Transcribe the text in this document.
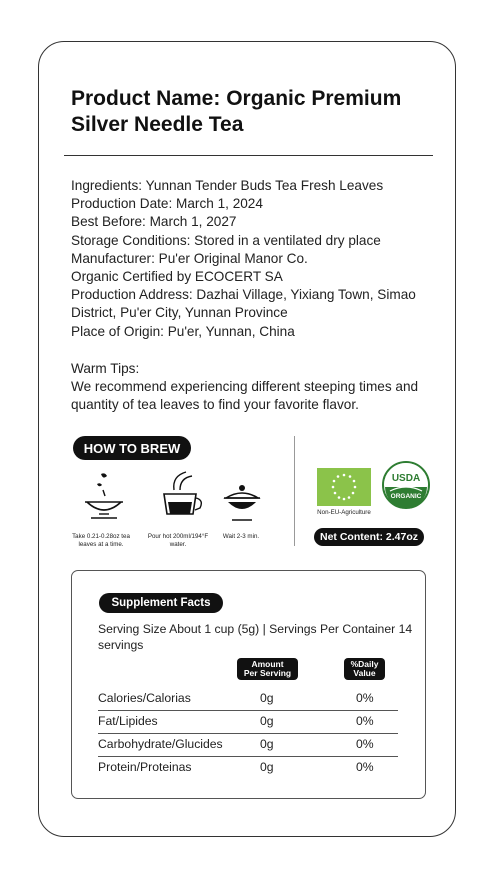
Product Name: Organic Premium Silver Needle Tea
Ingredients: Yunnan Tender Buds Tea Fresh Leaves
Production Date: March 1, 2024
Best Before: March 1, 2027
Storage Conditions: Stored in a ventilated dry place
Manufacturer: Pu'er Original Manor Co.
Organic Certified by ECOCERT SA
Production Address: Dazhai Village, Yixiang Town, Simao District, Pu'er City, Yunnan Province
Place of Origin: Pu'er, Yunnan, China
Warm Tips:
We recommend experiencing different steeping times and quantity of tea leaves to find your favorite flavor.
HOW TO BREW
Take 0.21-0.28oz tea leaves at a time.
Pour hot 200ml/194°F water.
Wait 2-3 min.
Non-EU-Agriculture
USDA
ORGANIC
Net Content: 2.47oz
Supplement Facts
Serving Size About 1 cup (5g) | Servings Per Container 14 servings
Amount
Per Serving
%Daily
Value
Calories/Calorias	0g	0%
Fat/Lipides	0g	0%
Carbohydrate/Glucides	0g	0%
Protein/Proteinas	0g	0%
